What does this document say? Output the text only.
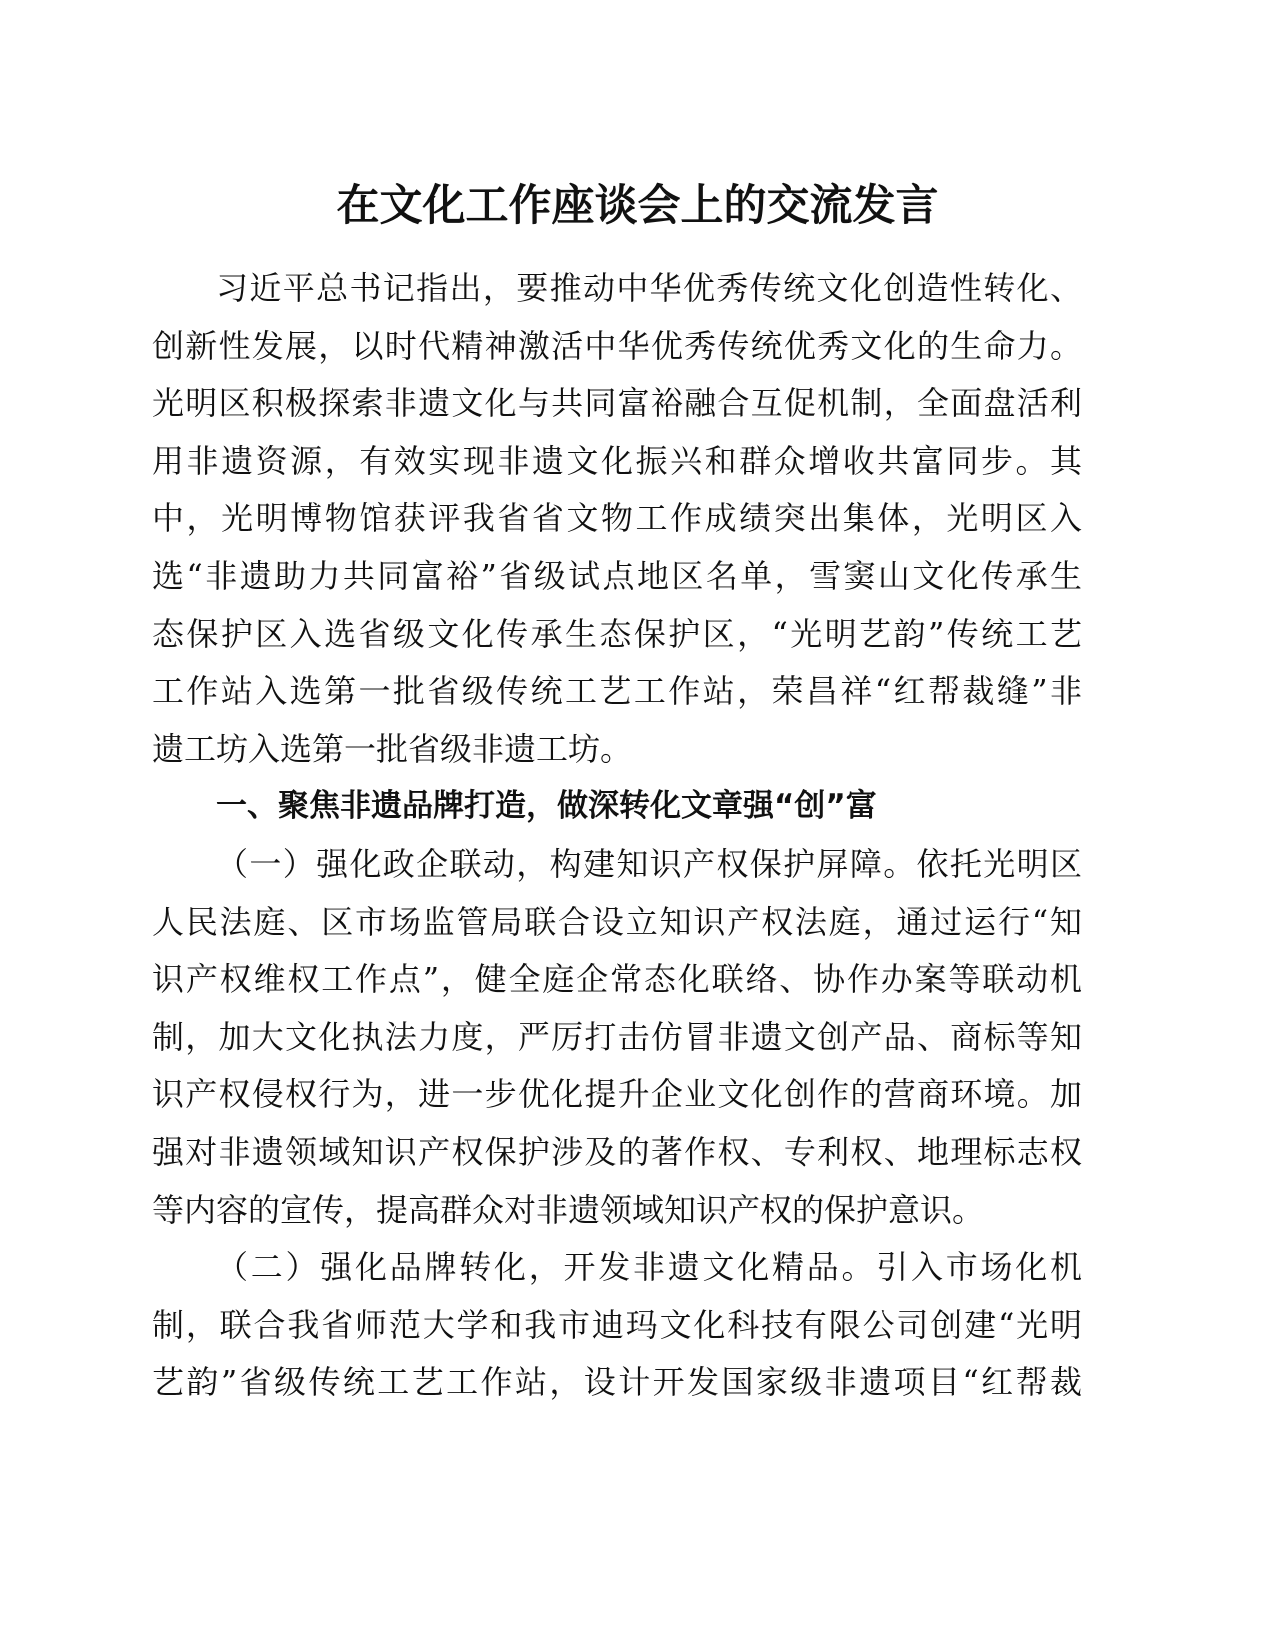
在文化工作座谈会上的交流发言
习近平总书记指出，要推动中华优秀传统文化创造性转化、
创新性发展，以时代精神激活中华优秀传统优秀文化的生命力。
光明区积极探索非遗文化与共同富裕融合互促机制，全面盘活利
用非遗资源，有效实现非遗文化振兴和群众增收共富同步。其
中，光明博物馆获评我省省文物工作成绩突出集体，光明区入
选“非遗助力共同富裕”省级试点地区名单，雪窦山文化传承生
态保护区入选省级文化传承生态保护区，“光明艺韵”传统工艺
工作站入选第一批省级传统工艺工作站，荣昌祥“红帮裁缝”非
遗工坊入选第一批省级非遗工坊。
一、聚焦非遗品牌打造，做深转化文章强“创”富
（一）强化政企联动，构建知识产权保护屏障。依托光明区
人民法庭、区市场监管局联合设立知识产权法庭，通过运行“知
识产权维权工作点”，健全庭企常态化联络、协作办案等联动机
制，加大文化执法力度，严厉打击仿冒非遗文创产品、商标等知
识产权侵权行为，进一步优化提升企业文化创作的营商环境。加
强对非遗领域知识产权保护涉及的著作权、专利权、地理标志权
等内容的宣传，提高群众对非遗领域知识产权的保护意识。
（二）强化品牌转化，开发非遗文化精品。引入市场化机
制，联合我省师范大学和我市迪玛文化科技有限公司创建“光明
艺韵”省级传统工艺工作站，设计开发国家级非遗项目“红帮裁
